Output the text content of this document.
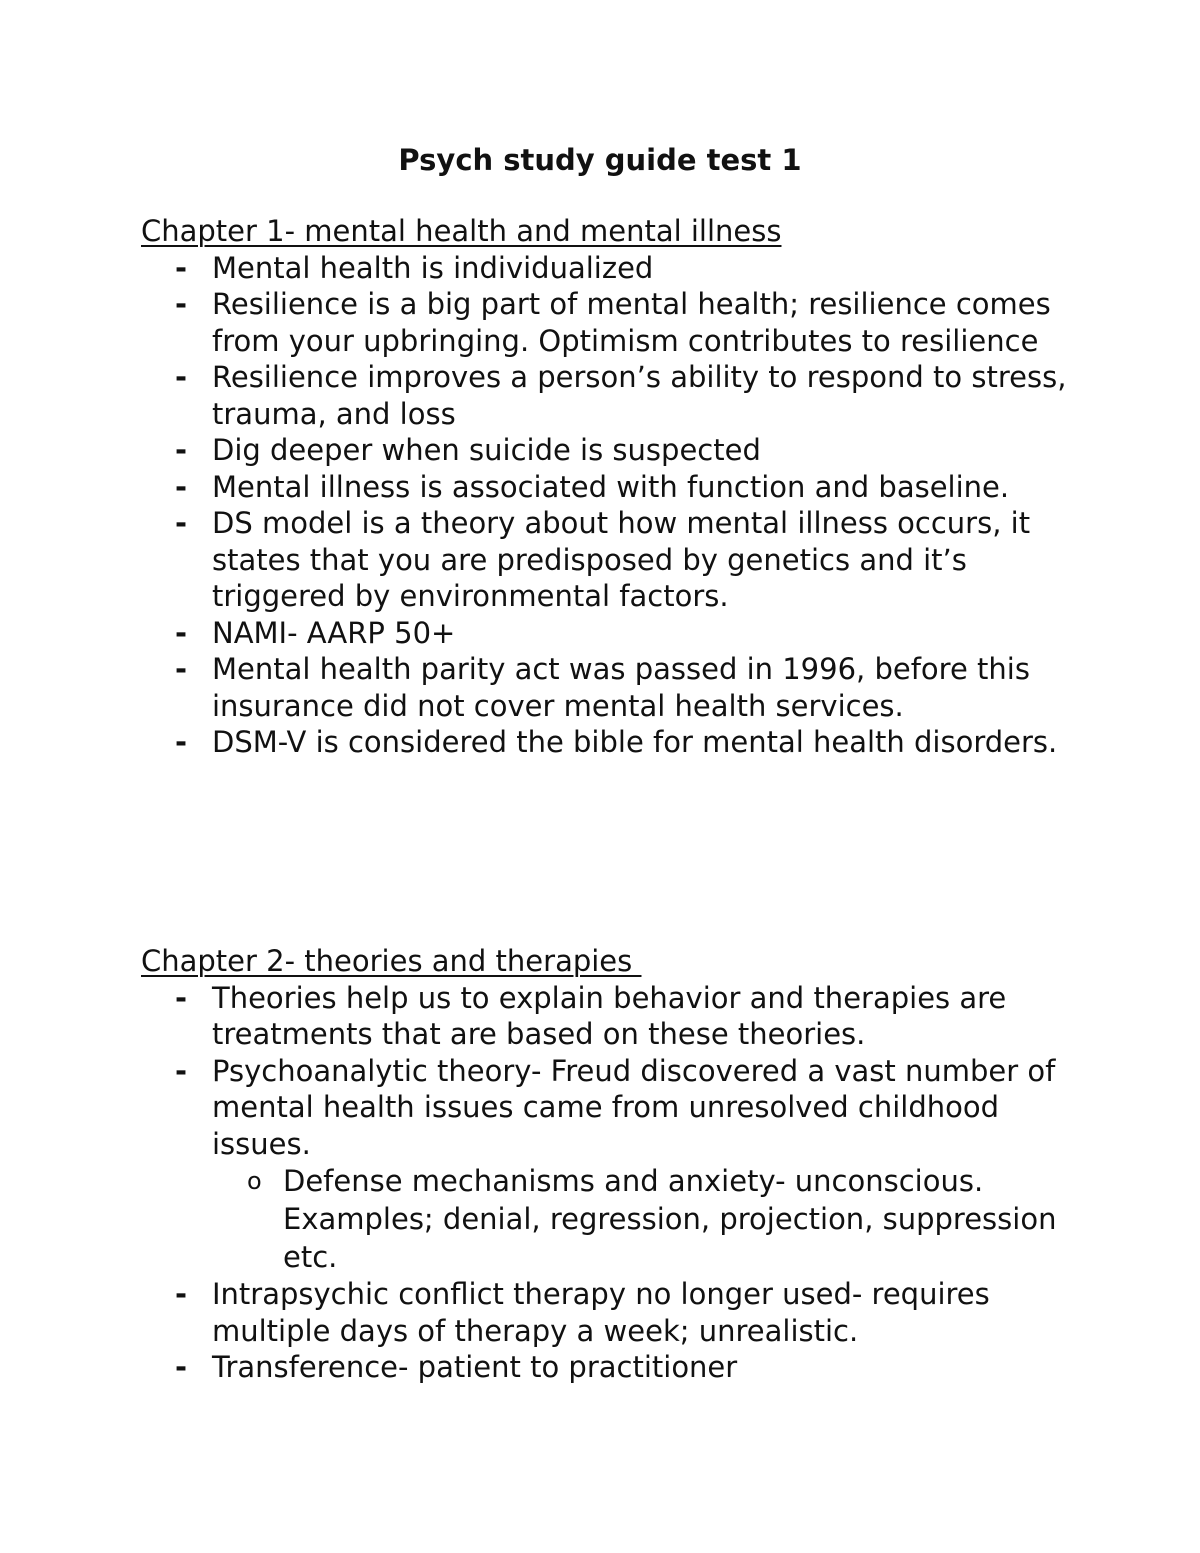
Psych study guide test 1

Chapter 1- mental health and mental illness

- Mental health is individualized
- Resilience is a big part of mental health; resilience comes from your upbringing. Optimism contributes to resilience
- Resilience improves a person’s ability to respond to stress, trauma, and loss
- Dig deeper when suicide is suspected
- Mental illness is associated with function and baseline.
- DS model is a theory about how mental illness occurs, it states that you are predisposed by genetics and it’s triggered by environmental factors.
- NAMI- AARP 50+
- Mental health parity act was passed in 1996, before this insurance did not cover mental health services.
- DSM-V is considered the bible for mental health disorders.

Chapter 2- theories and therapies

- Theories help us to explain behavior and therapies are treatments that are based on these theories.
- Psychoanalytic theory- Freud discovered a vast number of mental health issues came from unresolved childhood issues.
o Defense mechanisms and anxiety- unconscious. Examples; denial, regression, projection, suppression etc.
- Intrapsychic conflict therapy no longer used- requires multiple days of therapy a week; unrealistic.
- Transference- patient to practitioner
